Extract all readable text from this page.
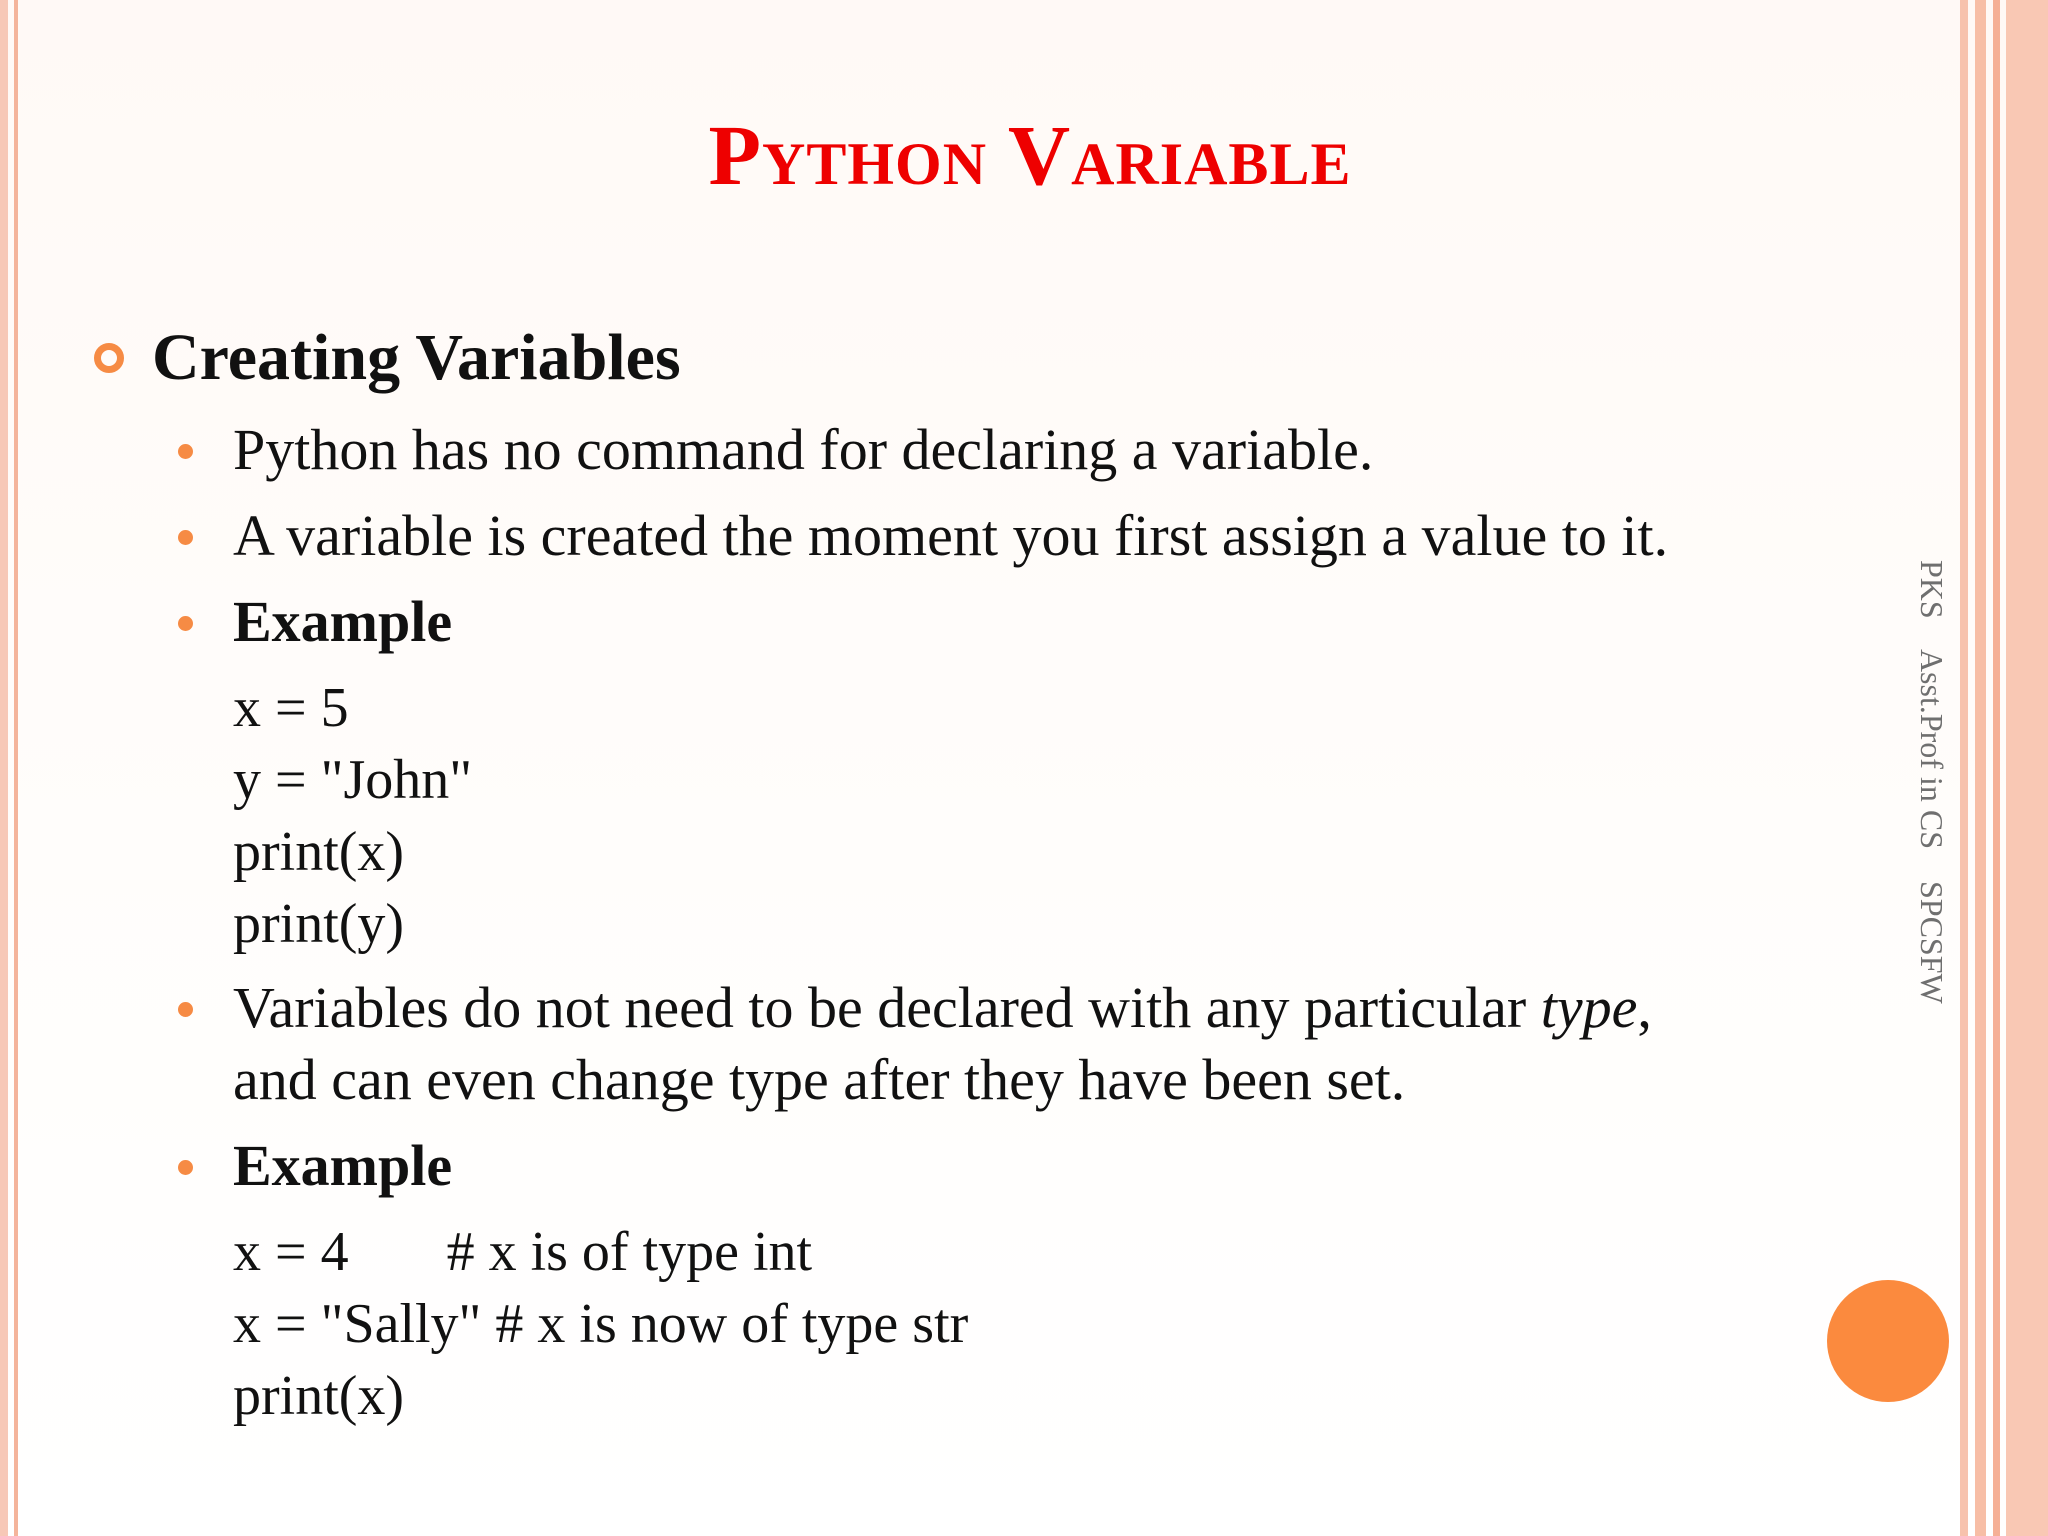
Python Variable
Creating Variables
Python has no command for declaring a variable.
A variable is created the moment you first assign a value to it.
Example
x = 5
y = "John"
print(x)
print(y)
Variables do not need to be declared with any particular type,
and can even change type after they have been set.
Example
x = 4       # x is of type int
x = "Sally" # x is now of type str
print(x)
PKS    Asst.Prof in CS    SPCSFW
